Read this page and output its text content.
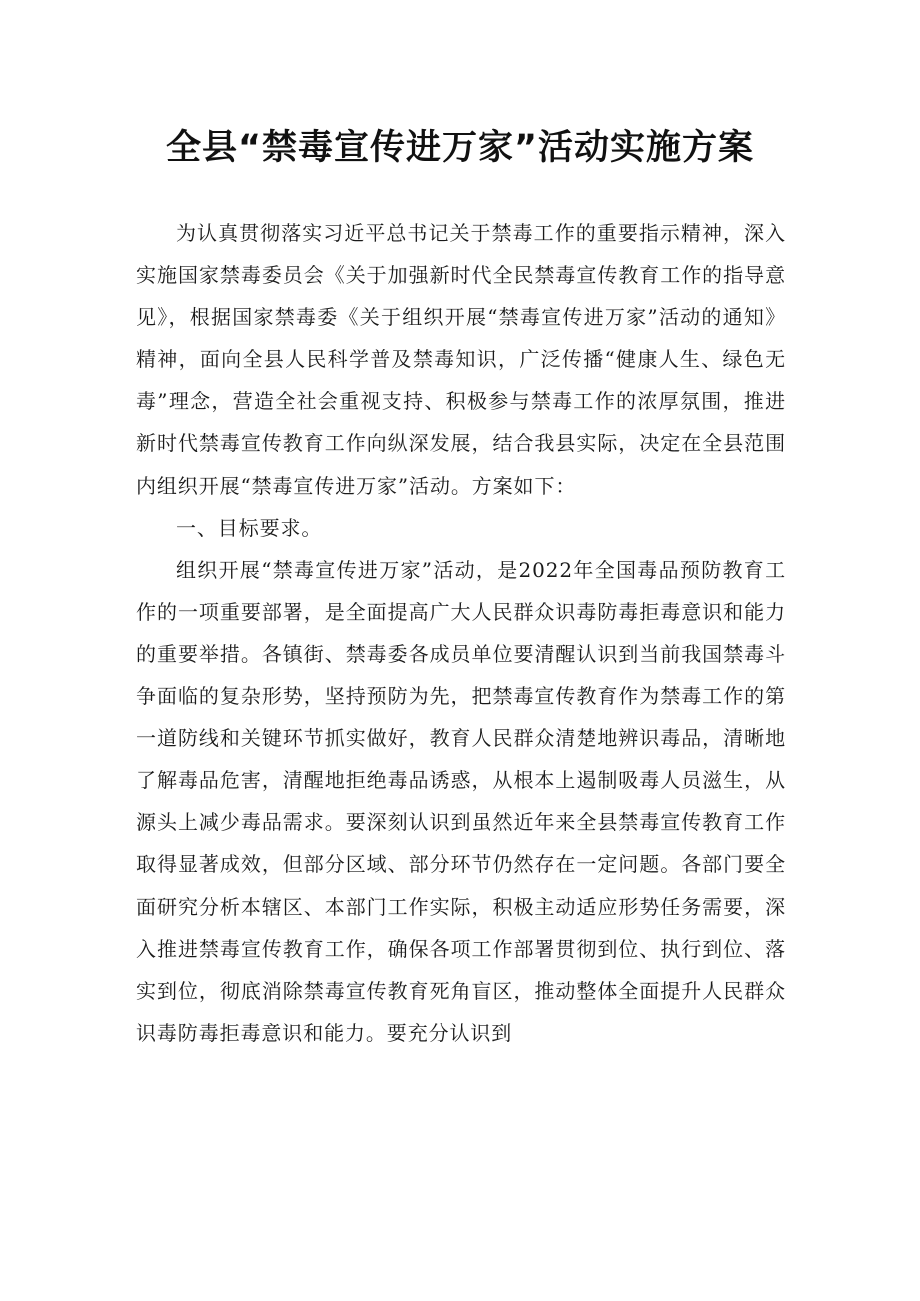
全县“禁毒宣传进万家”活动实施方案

为认真贯彻落实习近平总书记关于禁毒工作的重要指示精神，深入实施国家禁毒委员会《关于加强新时代全民禁毒宣传教育工作的指导意见》，根据国家禁毒委《关于组织开展“禁毒宣传进万家”活动的通知》精神，面向全县人民科学普及禁毒知识，广泛传播“健康人生、绿色无毒”理念，营造全社会重视支持、积极参与禁毒工作的浓厚氛围，推进新时代禁毒宣传教育工作向纵深发展，结合我县实际，决定在全县范围内组织开展“禁毒宣传进万家”活动。方案如下：

一、目标要求。

组织开展“禁毒宣传进万家”活动，是2022年全国毒品预防教育工作的一项重要部署，是全面提高广大人民群众识毒防毒拒毒意识和能力的重要举措。各镇街、禁毒委各成员单位要清醒认识到当前我国禁毒斗争面临的复杂形势，坚持预防为先，把禁毒宣传教育作为禁毒工作的第一道防线和关键环节抓实做好，教育人民群众清楚地辨识毒品，清晰地了解毒品危害，清醒地拒绝毒品诱惑，从根本上遏制吸毒人员滋生，从源头上减少毒品需求。要深刻认识到虽然近年来全县禁毒宣传教育工作取得显著成效，但部分区域、部分环节仍然存在一定问题。各部门要全面研究分析本辖区、本部门工作实际，积极主动适应形势任务需要，深入推进禁毒宣传教育工作，确保各项工作部署贯彻到位、执行到位、落实到位，彻底消除禁毒宣传教育死角盲区，推动整体全面提升人民群众识毒防毒拒毒意识和能力。要充分认识到
